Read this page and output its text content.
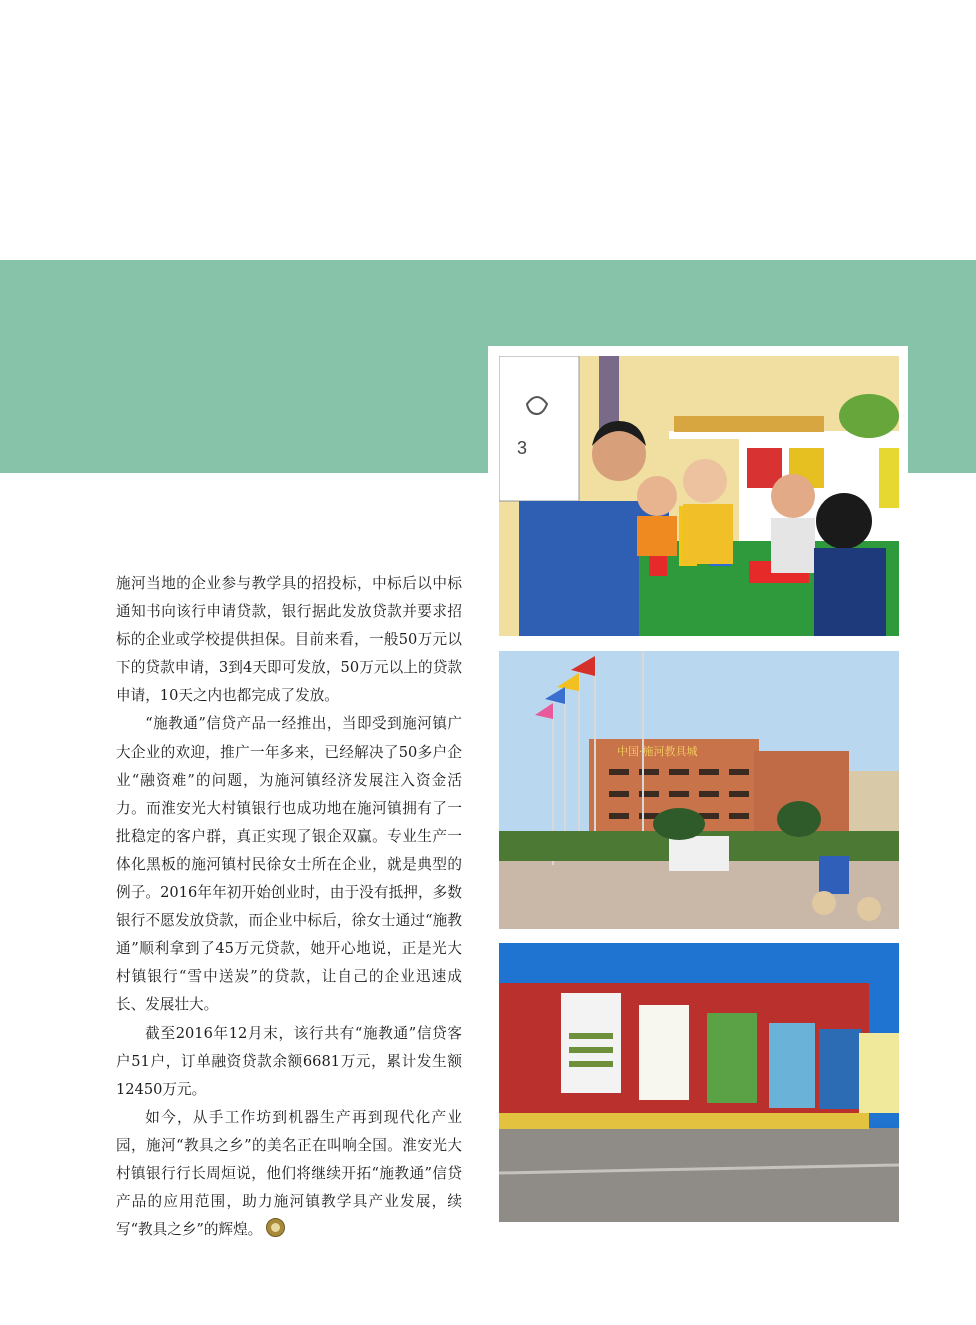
3
中国·施河教具城

施河当地的企业参与教学具的招投标，中标后以中标通知书向该行申请贷款，银行据此发放贷款并要求招标的企业或学校提供担保。目前来看，一般50万元以下的贷款申请，3到4天即可发放，50万元以上的贷款申请，10天之内也都完成了发放。

“施教通”信贷产品一经推出，当即受到施河镇广大企业的欢迎，推广一年多来，已经解决了50多户企业“融资难”的问题，为施河镇经济发展注入资金活力。而淮安光大村镇银行也成功地在施河镇拥有了一批稳定的客户群，真正实现了银企双赢。专业生产一体化黑板的施河镇村民徐女士所在企业，就是典型的例子。2016年年初开始创业时，由于没有抵押，多数银行不愿发放贷款，而企业中标后，徐女士通过“施教通”顺利拿到了45万元贷款，她开心地说，正是光大村镇银行“雪中送炭”的贷款，让自己的企业迅速成长、发展壮大。

截至2016年12月末，该行共有“施教通”信贷客户51户，订单融资贷款余额6681万元，累计发生额12450万元。

如今，从手工作坊到机器生产再到现代化产业园，施河“教具之乡”的美名正在叫响全国。淮安光大村镇银行行长周烜说，他们将继续开拓“施教通”信贷产品的应用范围，助力施河镇教学具产业发展，续写“教具之乡”的辉煌。
